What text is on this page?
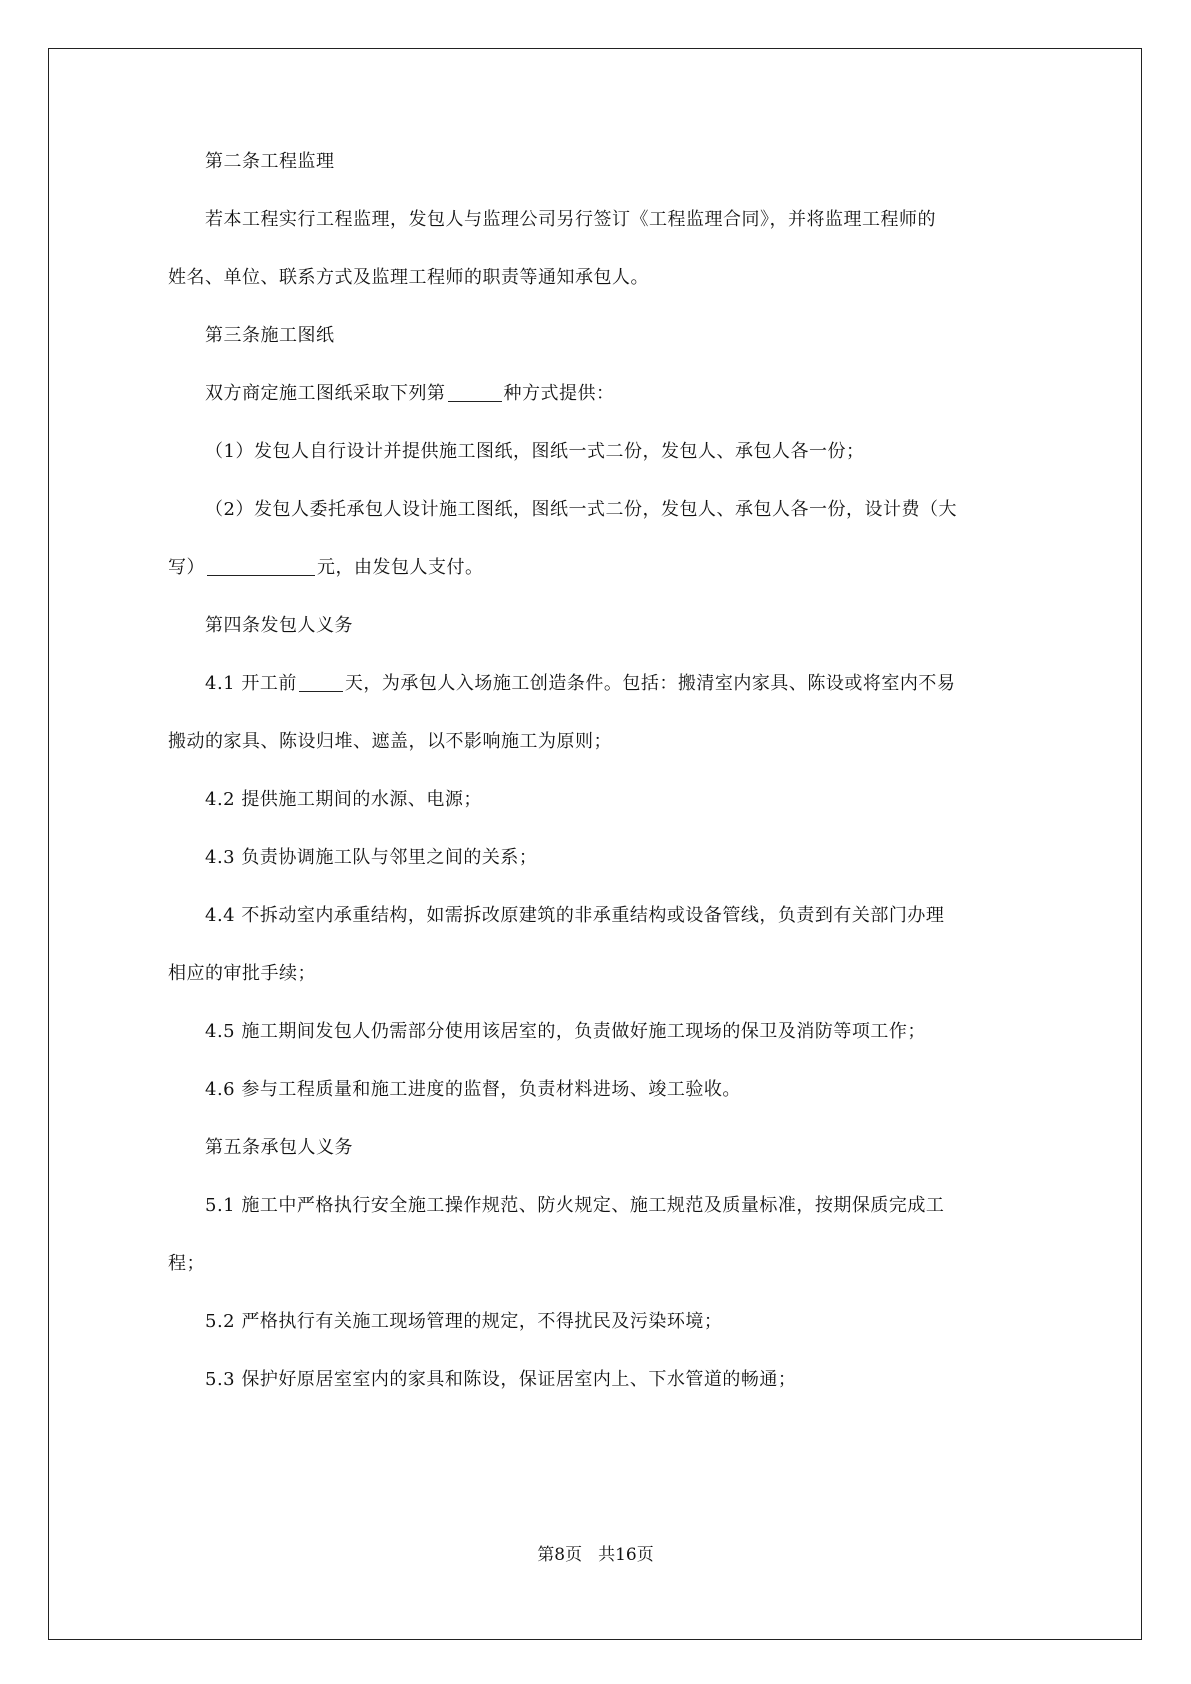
第二条工程监理
若本工程实行工程监理，发包人与监理公司另行签订《工程监理合同》，并将监理工程师的
姓名、单位、联系方式及监理工程师的职责等通知承包人。
第三条施工图纸
双方商定施工图纸采取下列第	种方式提供：
（1）发包人自行设计并提供施工图纸，图纸一式二份，发包人、承包人各一份；
（2）发包人委托承包人设计施工图纸，图纸一式二份，发包人、承包人各一份，设计费（大
写）	元，由发包人支付。
第四条发包人义务
4.1 开工前	天，为承包人入场施工创造条件。包括：搬清室内家具、陈设或将室内不易
搬动的家具、陈设归堆、遮盖，以不影响施工为原则；
4.2 提供施工期间的水源、电源；
4.3 负责协调施工队与邻里之间的关系；
4.4 不拆动室内承重结构，如需拆改原建筑的非承重结构或设备管线，负责到有关部门办理
相应的审批手续；
4.5 施工期间发包人仍需部分使用该居室的，负责做好施工现场的保卫及消防等项工作；
4.6 参与工程质量和施工进度的监督，负责材料进场、竣工验收。
第五条承包人义务
5.1 施工中严格执行安全施工操作规范、防火规定、施工规范及质量标准，按期保质完成工
程；
5.2 严格执行有关施工现场管理的规定，不得扰民及污染环境；
5.3 保护好原居室室内的家具和陈设，保证居室内上、下水管道的畅通；
第8页 共16页
